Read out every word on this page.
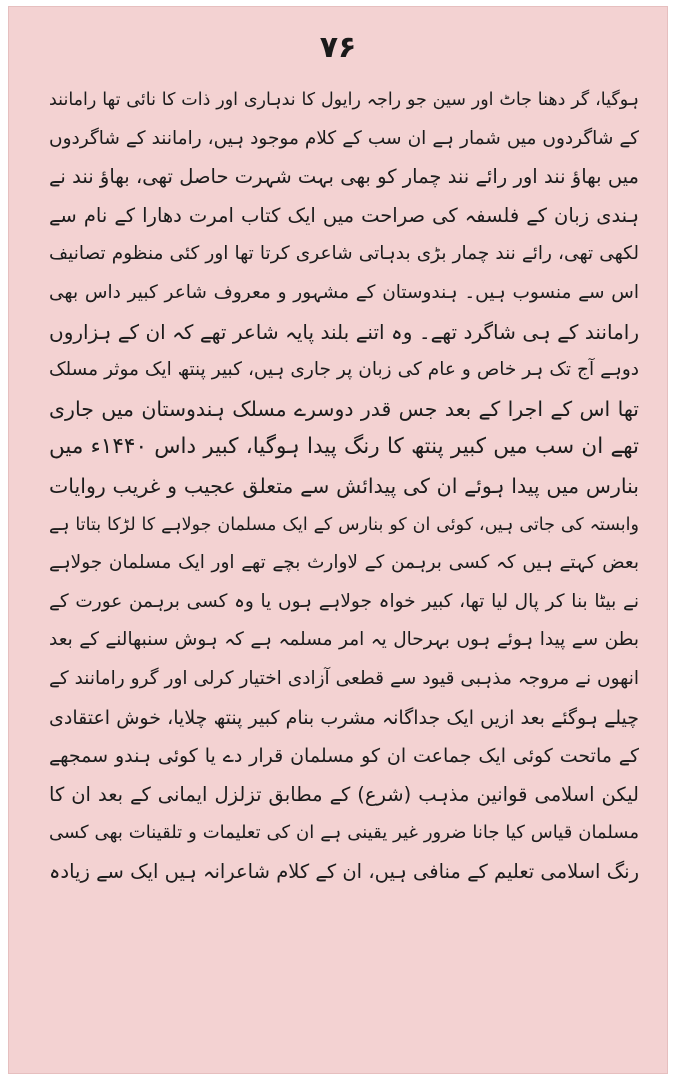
۷۶
ہوگیا، گر دھنا جاٹ اور سین جو راجہ رایول کا ندہاری اور ذات کا نائی تھا رامانند
کے شاگردوں میں شمار ہے ان سب کے کلام موجود ہیں، رامانند کے شاگردوں
میں بھاؤ نند اور رائے نند چمار کو بھی بہت شہرت حاصل تھی، بھاؤ نند نے
ہندی زبان کے فلسفہ کی صراحت میں ایک کتاب امرت دھارا کے نام سے
لکھی تھی، رائے نند چمار بڑی بدہاتی شاعری کرتا تھا اور کئی منظوم تصانیف
اس سے منسوب ہیں۔ ہندوستان کے مشہور و معروف شاعر کبیر داس بھی
رامانند کے ہی شاگرد تھے۔ وہ اتنے بلند پایہ شاعر تھے کہ ان کے ہزاروں
دوہے آج تک ہر خاص و عام کی زبان پر جاری ہیں، کبیر پنتھ ایک موثر مسلک
تھا اس کے اجرا کے بعد جس قدر دوسرے مسلک ہندوستان میں جاری
تھے ان سب میں کبیر پنتھ کا رنگ پیدا ہوگیا، کبیر داس ۱۴۴۰ء میں
بنارس میں پیدا ہوئے ان کی پیدائش سے متعلق عجیب و غریب روایات
وابستہ کی جاتی ہیں، کوئی ان کو بنارس کے ایک مسلمان جولاہے کا لڑکا بتاتا ہے
بعض کہتے ہیں کہ کسی برہمن کے لاوارث بچے تھے اور ایک مسلمان جولاہے
نے بیٹا بنا کر پال لیا تھا، کبیر خواہ جولاہے ہوں یا وہ کسی برہمن عورت کے
بطن سے پیدا ہوئے ہوں بہرحال یہ امر مسلمہ ہے کہ ہوش سنبھالنے کے بعد
انھوں نے مروجہ مذہبی قیود سے قطعی آزادی اختیار کرلی اور گرو رامانند کے
چیلے ہوگئے بعد ازیں ایک جداگانہ مشرب بنام کبیر پنتھ چلایا، خوش اعتقادی
کے ماتحت کوئی ایک جماعت ان کو مسلمان قرار دے یا کوئی ہندو سمجھے
لیکن اسلامی قوانین مذہب (شرع) کے مطابق تزلزل ایمانی کے بعد ان کا
مسلمان قیاس کیا جانا ضرور غیر یقینی ہے ان کی تعلیمات و تلقینات بھی کسی
رنگ اسلامی تعلیم کے منافی ہیں، ان کے کلام شاعرانہ ہیں ایک سے زیادہ
